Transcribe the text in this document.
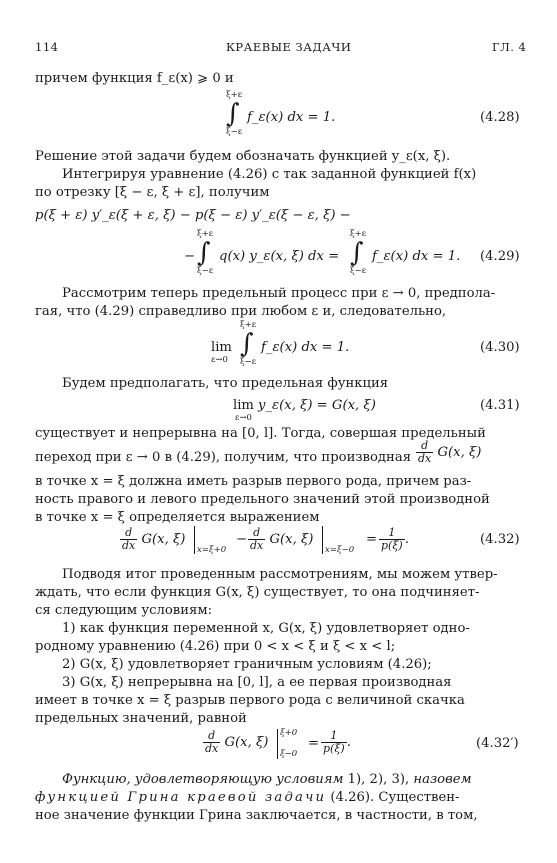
114	КРАЕВЫЕ ЗАДАЧИ	ГЛ. 4
причем функция f_ε(x) ⩾ 0 и
ξ+ε
∫
ξ−ε
f_ε(x) dx = 1.	(4.28)
Решение этой задачи будем обозначать функцией y_ε(x, ξ).
Интегрируя уравнение (4.26) с так заданной функцией f(x)
по отрезку [ξ − ε, ξ + ε], получим
p(ξ + ε) y′_ε(ξ + ε, ξ) − p(ξ − ε) y′_ε(ξ − ε, ξ) −
−
ξ+ε
∫
ξ−ε
q(x) y_ε(x, ξ) dx =
ξ+ε
∫
ξ−ε
f_ε(x) dx = 1. (4.29)
Рассмотрим теперь предельный процесс при ε → 0, предпола-
гая, что (4.29) справедливо при любом ε и, следовательно,
lim
ε→0
ξ+ε
∫
ξ−ε
f_ε(x) dx = 1.	(4.30)
Будем предполагать, что предельная функция
lim
ε→0
y_ε(x, ξ) = G(x, ξ)	(4.31)
существует и непрерывна на [0, l]. Тогда, совершая предельный
переход при ε → 0 в (4.29), получим, что производная $\frac{d}{dx} G(x$, ξ)
в точке x = ξ должна иметь разрыв первого рода, причем раз-
ность правого и левого предельного значений этой производной
в точке x = ξ определяется выражением
$\frac{d}{dx} G(x$, ξ)
x=ξ+0
− $\frac{d}{dx} G(x$, ξ)
x=ξ−0
= $\frac{1}{p(\xi)}$ .	(4.32)
Подводя итог проведенным рассмотрениям, мы можем утвер-
ждать, что если функция G(x, ξ) существует, то она подчиняет-
ся следующим условиям:
1) как функция переменной x, G(x, ξ) удовлетворяет одно-
родному уравнению (4.26) при 0 < x < ξ и ξ < x < l;
2) G(x, ξ) удовлетворяет граничным условиям (4.26);
3) G(x, ξ) непрерывна на [0, l], а ее первая производная
имеет в точке x = ξ разрыв первого рода с величиной скачка
предельных значений, равной
$\frac{d}{dx} G(x$, ξ)
ξ+0
ξ−0
= $\frac{1}{p(\xi)}$ .	(4.32′)
Функцию, удовлетворяющую условиям 1), 2), 3), назовем
функцией Грина краевой задачи (4.26). Существен-
ное значение функции Грина заключается, в частности, в том,
